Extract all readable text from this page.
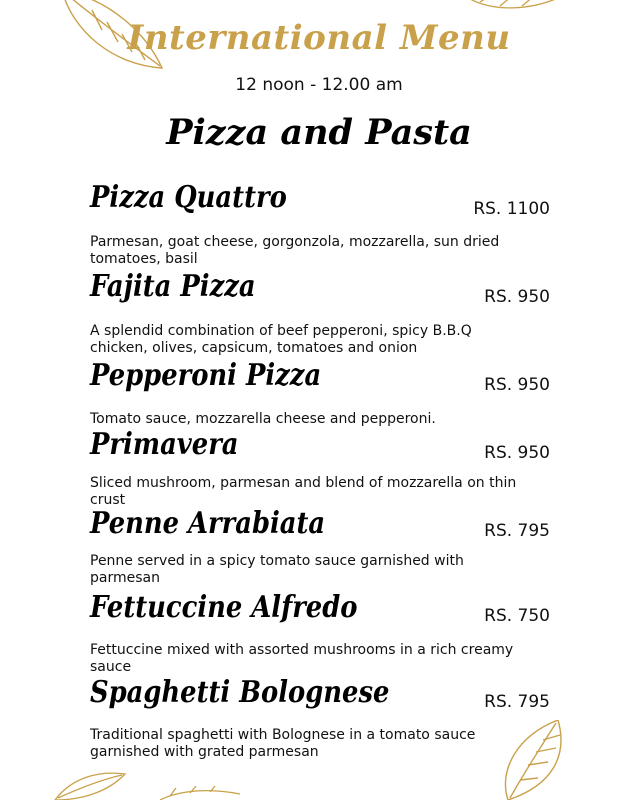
International Menu
12 noon - 12.00 am
Pizza and Pasta
Pizza Quattro	RS. 1100
Parmesan, goat cheese, gorgonzola, mozzarella, sun dried tomatoes, basil
Fajita Pizza	RS. 950
A splendid combination of beef pepperoni, spicy B.B.Q chicken, olives, capsicum, tomatoes and onion
Pepperoni Pizza	RS. 950
Tomato sauce, mozzarella cheese and pepperoni.
Primavera	RS. 950
Sliced mushroom, parmesan and blend of mozzarella on thin crust
Penne Arrabiata	RS. 795
Penne served in a spicy tomato sauce garnished with parmesan
Fettuccine Alfredo	RS. 750
Fettuccine mixed with assorted mushrooms in a rich creamy sauce
Spaghetti Bolognese	RS. 795
Traditional spaghetti with Bolognese in a tomato sauce garnished with grated parmesan
